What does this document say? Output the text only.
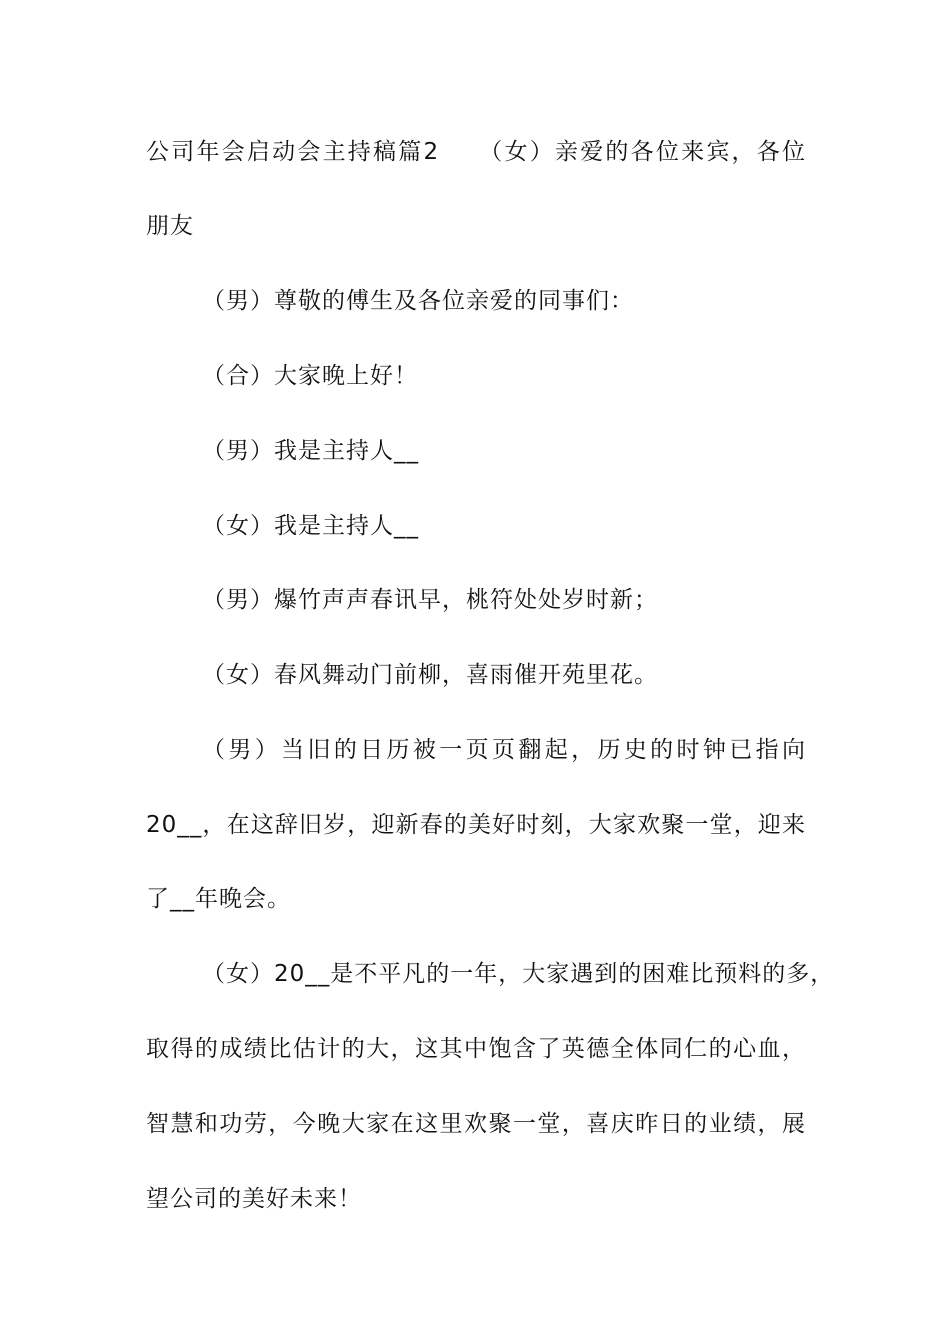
公司年会启动会主持稿篇2　　（女）亲爱的各位来宾，各位
朋友
（男）尊敬的傅生及各位亲爱的同事们：
（合）大家晚上好！
（男）我是主持人__
（女）我是主持人__
（男）爆竹声声春讯早，桃符处处岁时新；
（女）春风舞动门前柳，喜雨催开苑里花。
（男）当旧的日历被一页页翻起，历史的时钟已指向
20__，在这辞旧岁，迎新春的美好时刻，大家欢聚一堂，迎来
了__年晚会。
（女）20__是不平凡的一年，大家遇到的困难比预料的多，
取得的成绩比估计的大，这其中饱含了英德全体同仁的心血，
智慧和功劳，今晚大家在这里欢聚一堂，喜庆昨日的业绩，展
望公司的美好未来！
